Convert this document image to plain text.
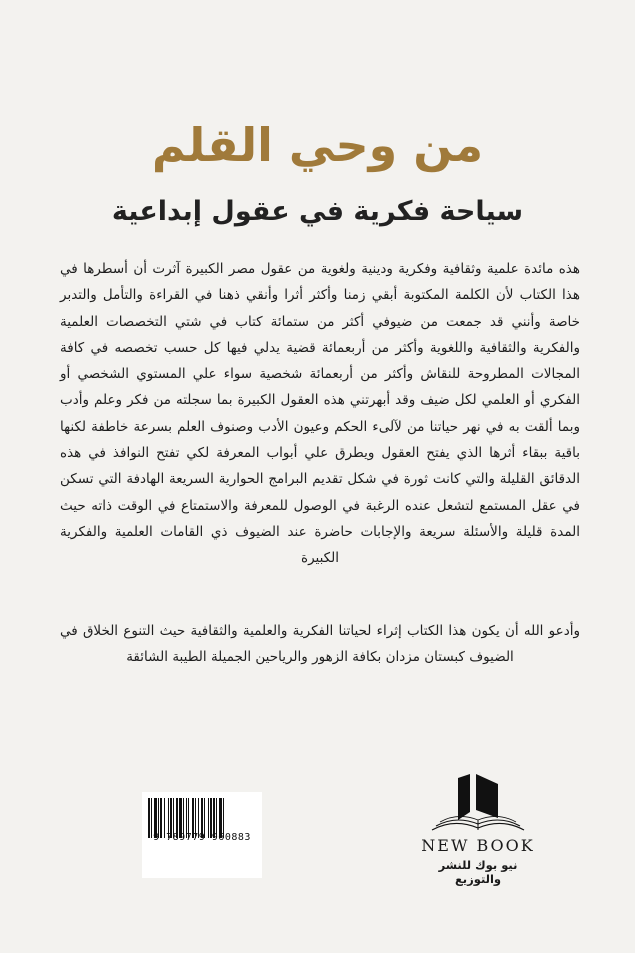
من وحي القلم
سياحة فكرية في عقول إبداعية
هذه مائدة علمية وثقافية وفكرية ودينية ولغوية من عقول مصر الكبيرة آثرت أن أسطرها في هذا الكتاب لأن الكلمة المكتوبة أبقي زمنا وأكثر أثرا وأنقي ذهنا في القراءة والتأمل والتدبر خاصة وأنني قد جمعت من ضيوفي أكثر من ستمائة كتاب في شتي التخصصات العلمية والفكرية والثقافية واللغوية وأكثر من أربعمائة قضية يدلي فيها كل حسب تخصصه في كافة المجالات المطروحة للنقاش وأكثر من أربعمائة شخصية سواء علي المستوي الشخصي أو الفكري أو العلمي لكل ضيف وقد أبهرتني هذه العقول الكبيرة بما سجلته من فكر وعلم وأدب وبما ألقت به في نهر حياتنا من لآلىء الحكم وعيون الأدب وصنوف العلم بسرعة خاطفة لكنها باقية ببقاء أثرها الذي يفتح العقول ويطرق علي أبواب المعرفة لكي تفتح النوافذ في هذه الدقائق القليلة والتي كانت ثورة في شكل تقديم البرامج الحوارية السريعة الهادفة التي تسكن في عقل المستمع لتشعل عنده الرغبة في الوصول للمعرفة والاستمتاع في الوقت ذاته حيث المدة قليلة والأسئلة سريعة والإجابات حاضرة عند الضيوف ذي القامات العلمية والفكرية الكبيرة
وأدعو الله أن يكون هذا الكتاب إثراء لحياتنا الفكرية والعلمية والثقافية حيث التنوع الخلاق في الضيوف كبستان مزدان بكافة الزهور والرياحين الجميلة الطيبة الشائقة
9 789779 960883	NEW BOOK
نيو بوك للنشر والتوزيع
